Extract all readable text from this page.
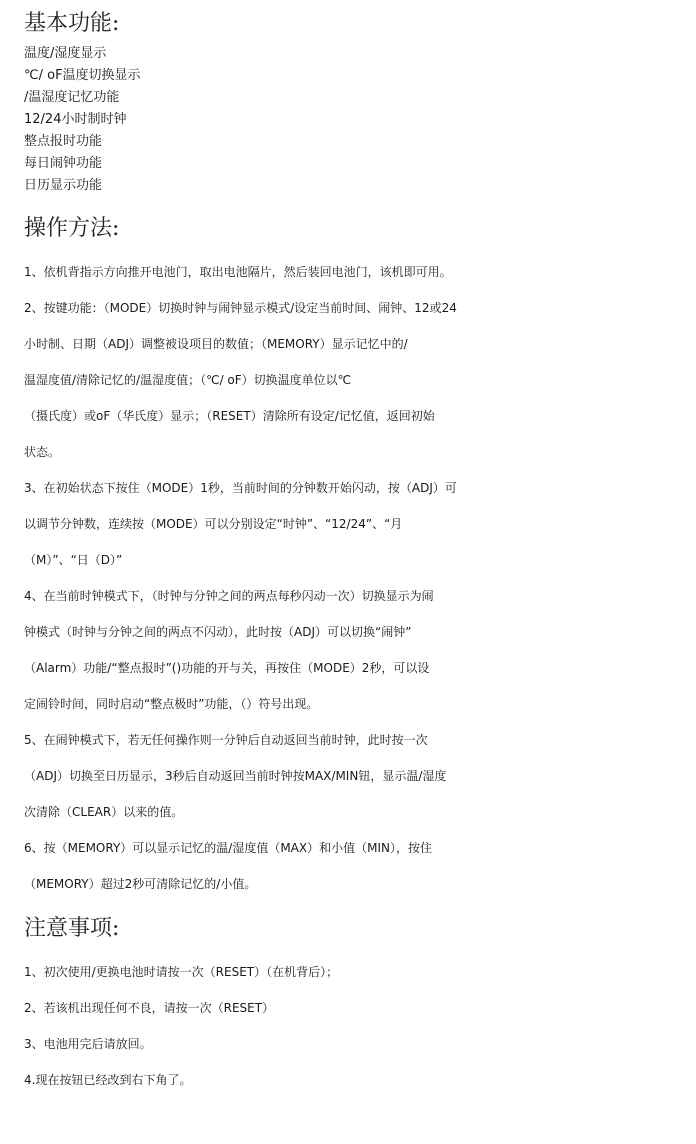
基本功能:

温度/湿度显示

℃/ oF温度切换显示

/温湿度记忆功能

12/24小时制时钟

整点报时功能

每日闹钟功能

日历显示功能

操作方法:

1、依机背指示方向推开电池门，取出电池隔片，然后装回电池门，该机即可用。

2、按键功能：（MODE）切换时钟与闹钟显示模式/设定当前时间、闹钟、12或24

小时制、日期（ADJ）调整被设项目的数值；（MEMORY）显示记忆中的/

温湿度值/清除记忆的/温湿度值；（℃/ oF）切换温度单位以℃

（摄氏度）或oF（华氏度）显示；（RESET）清除所有设定/记忆值，返回初始

状态。

3、在初始状态下按住（MODE）1秒，当前时间的分钟数开始闪动，按（ADJ）可

以调节分钟数，连续按（MODE）可以分别设定“时钟”、“12/24”、“月

（M）”、“日（D）”

4、在当前时钟模式下，（时钟与分钟之间的两点每秒闪动一次）切换显示为闹

钟模式（时钟与分钟之间的两点不闪动），此时按（ADJ）可以切换“闹钟”

（Alarm）功能/“整点报时”()功能的开与关，再按住（MODE）2秒，可以设

定闹铃时间，同时启动“整点极时”功能，（）符号出现。

5、在闹钟模式下，若无任何操作则一分钟后自动返回当前时钟，此时按一次

（ADJ）切换至日历显示，3秒后自动返回当前时钟按MAX/MIN钮，显示温/湿度

次清除（CLEAR）以来的值。

6、按（MEMORY）可以显示记忆的温/湿度值（MAX）和小值（MIN），按住

（MEMORY）超过2秒可清除记忆的/小值。

注意事项:

1、初次使用/更换电池时请按一次（RESET）（在机背后）；

2、若该机出现任何不良，请按一次（RESET）

3、电池用完后请放回。

4.现在按钮已经改到右下角了。
